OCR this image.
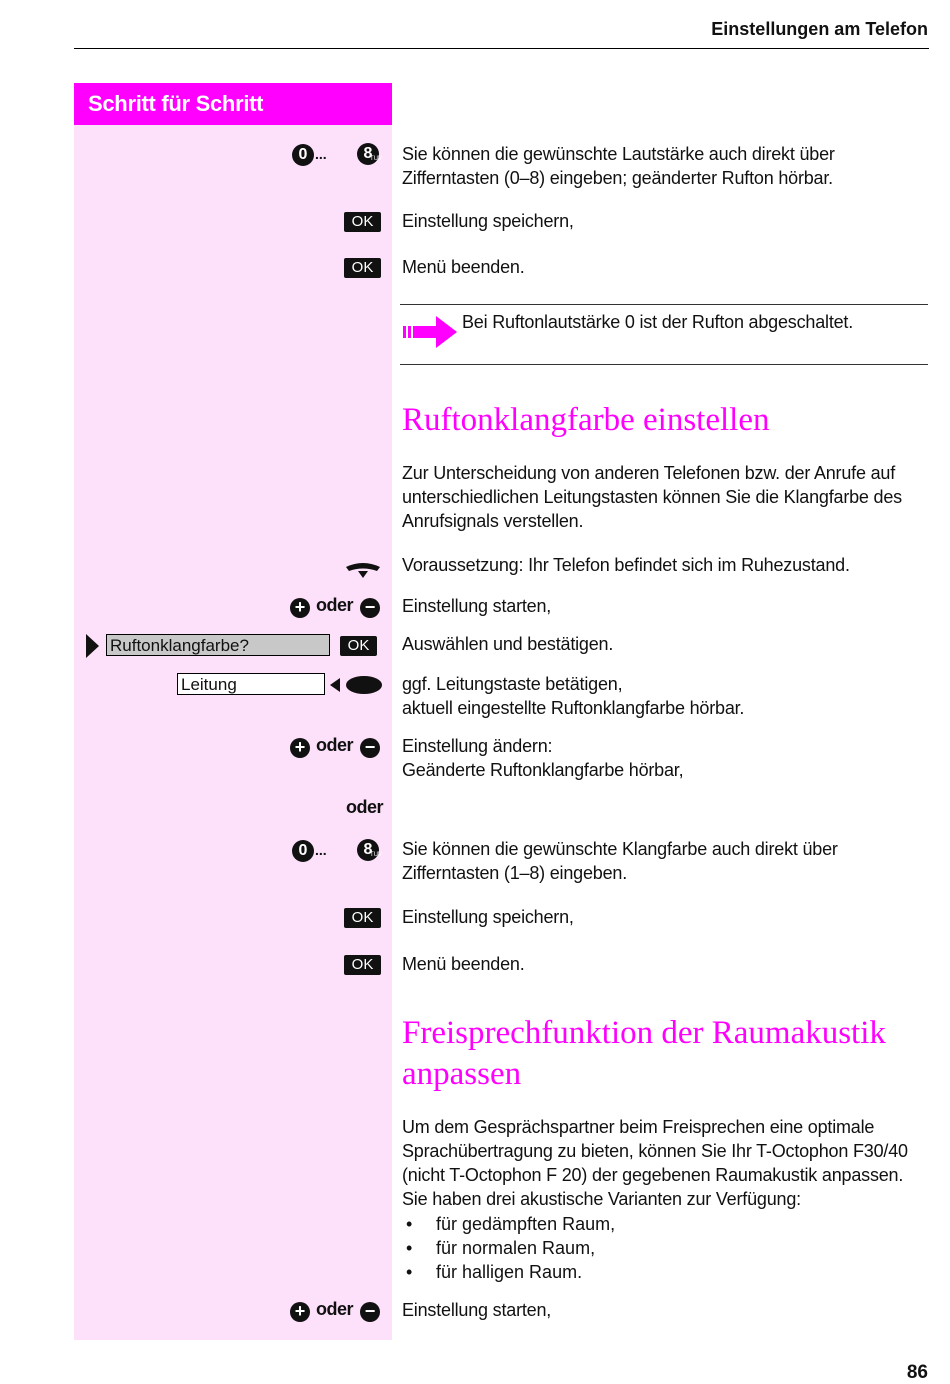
Einstellungen am Telefon
Schritt für Schritt
0 ...	8
TUV Sie können die gewünschte Lautstärke auch direkt über Zifferntasten (0–8) eingeben; geänderter Rufton hörbar.
OK	Einstellung speichern,
OK	Menü beenden.
Bei Ruftonlautstärke 0 ist der Rufton abgeschaltet.
Ruftonklangfarbe einstellen
Zur Unterscheidung von anderen Telefonen bzw. der Anrufe auf unterschiedlichen Leitungstasten können Sie die Klangfarbe des Anrufsignals verstellen.
Voraussetzung: Ihr Telefon befindet sich im Ruhezustand.
+ oder − Einstellung starten,
Ruftonklangfarbe?	OK	Auswählen und bestätigen.
Leitung	ggf. Leitungstaste betätigen,
aktuell eingestellte Ruftonklangfarbe hörbar.
+ oder − Einstellung ändern:
Geänderte Ruftonklangfarbe hörbar,
oder
0 ...	8
TUV Sie können die gewünschte Klangfarbe auch direkt über Zifferntasten (1–8) eingeben.
OK	Einstellung speichern,
OK	Menü beenden.
Freisprechfunktion der Raumakustik anpassen
Um dem Gesprächspartner beim Freisprechen eine optimale Sprachübertragung zu bieten, können Sie Ihr T-Octophon F30/40 (nicht T-Octophon F 20) der gegebenen Raumakustik anpassen. Sie haben drei akustische Varianten zur Verfügung:
• für gedämpften Raum,
• für normalen Raum,
• für halligen Raum.
+ oder − Einstellung starten,
86
